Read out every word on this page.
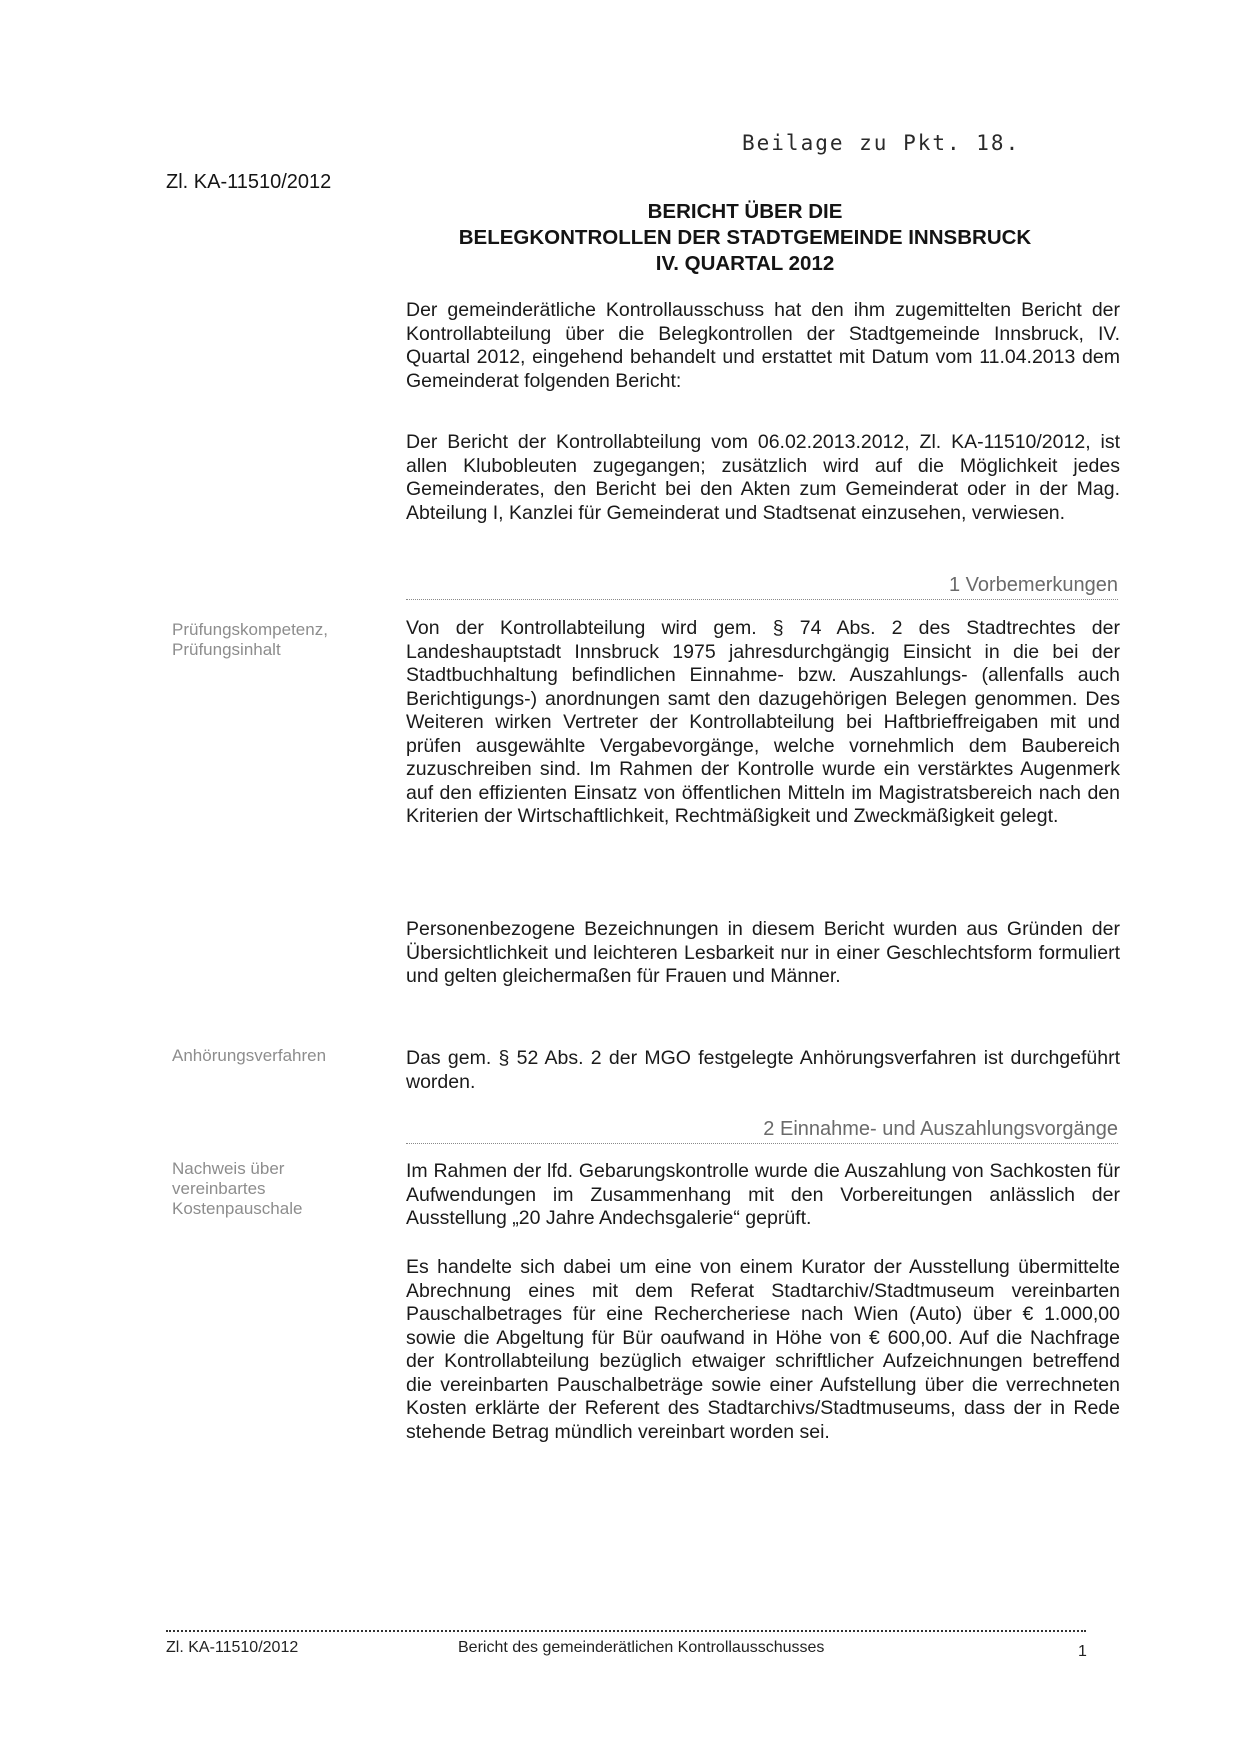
Beilage zu Pkt. 18.
Zl. KA-11510/2012
BERICHT ÜBER DIE
BELEGKONTROLLEN DER STADTGEMEINDE INNSBRUCK
IV. QUARTAL 2012
Der gemeinderätliche Kontrollausschuss hat den ihm zugemittelten Bericht der Kontrollabteilung über die Belegkontrollen der Stadtgemeinde Innsbruck, IV. Quartal 2012, eingehend behandelt und erstattet mit Datum vom 11.04.2013 dem Gemeinderat folgenden Bericht:
Der Bericht der Kontrollabteilung vom 06.02.2013.2012, Zl. KA-11510/2012, ist allen Klubobleuten zugegangen; zusätzlich wird auf die Möglichkeit jedes Gemeinderates, den Bericht bei den Akten zum Gemeinderat oder in der Mag. Abteilung I, Kanzlei für Gemeinderat und Stadtsenat einzusehen, verwiesen.
1 Vorbemerkungen
Prüfungskompetenz, Prüfungsinhalt
Von der Kontrollabteilung wird gem. § 74 Abs. 2 des Stadtrechtes der Landeshauptstadt Innsbruck 1975 jahresdurchgängig Einsicht in die bei der Stadtbuchhaltung befindlichen Einnahme- bzw. Auszahlungs- (allenfalls auch Berichtigungs-) anordnungen samt den dazugehörigen Belegen genommen. Des Weiteren wirken Vertreter der Kontrollabteilung bei Haftbrieffreigaben mit und prüfen ausgewählte Vergabevorgänge, welche vornehmlich dem Baubereich zuzuschreiben sind. Im Rahmen der Kontrolle wurde ein verstärktes Augenmerk auf den effizienten Einsatz von öffentlichen Mitteln im Magistratsbereich nach den Kriterien der Wirtschaftlichkeit, Rechtmäßigkeit und Zweckmäßigkeit gelegt.
Personenbezogene Bezeichnungen in diesem Bericht wurden aus Gründen der Übersichtlichkeit und leichteren Lesbarkeit nur in einer Geschlechtsform formuliert und gelten gleichermaßen für Frauen und Männer.
Anhörungsverfahren	Das gem. § 52 Abs. 2 der MGO festgelegte Anhörungsverfahren ist durchgeführt worden.
2 Einnahme- und Auszahlungsvorgänge
Nachweis über vereinbartes Kostenpauschale
Im Rahmen der lfd. Gebarungskontrolle wurde die Auszahlung von Sachkosten für Aufwendungen im Zusammenhang mit den Vorbereitungen anlässlich der Ausstellung „20 Jahre Andechsgalerie“ geprüft.
Es handelte sich dabei um eine von einem Kurator der Ausstellung übermittelte Abrechnung eines mit dem Referat Stadtarchiv/Stadtmuseum vereinbarten Pauschalbetrages für eine Rechercheriese nach Wien (Auto) über € 1.000,00 sowie die Abgeltung für Bür oaufwand in Höhe von € 600,00. Auf die Nachfrage der Kontrollabteilung bezüglich etwaiger schriftlicher Aufzeichnungen betreffend die vereinbarten Pauschalbeträge sowie einer Aufstellung über die verrechneten Kosten erklärte der Referent des Stadtarchivs/Stadtmuseums, dass der in Rede stehende Betrag mündlich vereinbart worden sei.
Zl. KA-11510/2012	Bericht des gemeinderätlichen Kontrollausschusses	1
